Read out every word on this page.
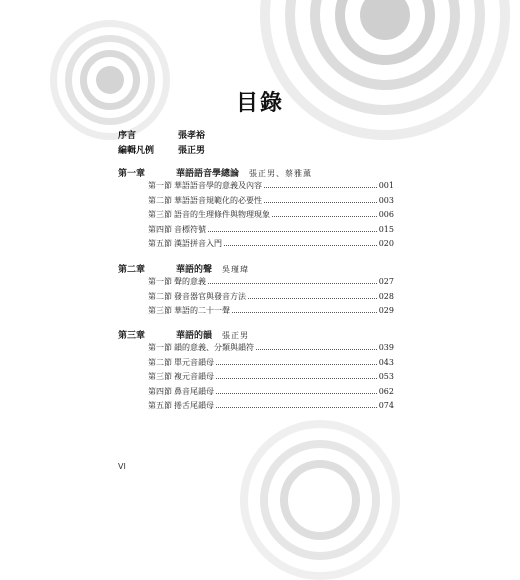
目錄
序言	張孝裕
編輯凡例	張正男
第一章	華語語音學總論 張正男、蔡雅薰
第一節 華語語音學的意義及內容	001
第二節 華語語音規範化的必要性	003
第三節 語音的生理條件與物理現象	006
第四節 音標符號	015
第五節 漢語拼音入門	020
第二章	華語的聲 吳瑾瑋
第一節 聲的意義	027
第二節 發音器官與發音方法	028
第三節 華語的二十一聲	029
第三章	華語的韻 張正男
第一節 韻的意義、分類與韻符	039
第二節 單元音韻母	043
第三節 複元音韻母	053
第四節 鼻音尾韻母	062
第五節 捲舌尾韻母	074
VI
